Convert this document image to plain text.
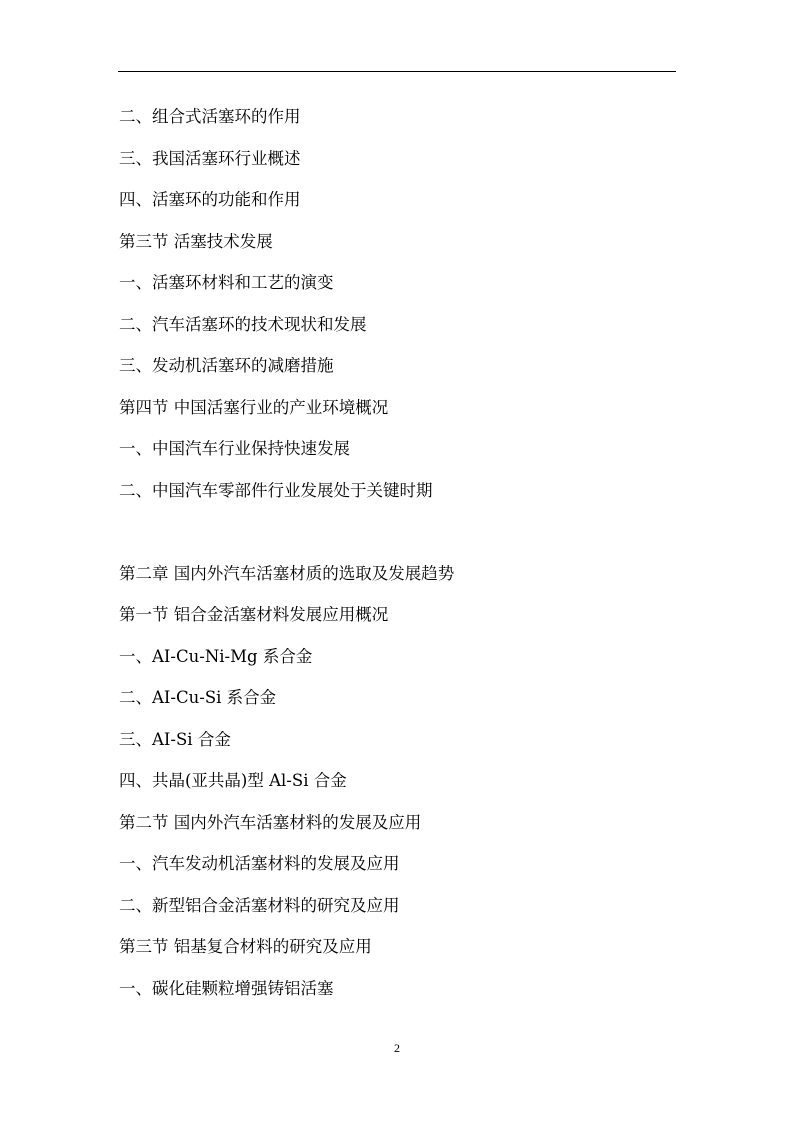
二、组合式活塞环的作用
三、我国活塞环行业概述
四、活塞环的功能和作用
第三节 活塞技术发展
一、活塞环材料和工艺的演变
二、汽车活塞环的技术现状和发展
三、发动机活塞环的减磨措施
第四节 中国活塞行业的产业环境概况
一、中国汽车行业保持快速发展
二、中国汽车零部件行业发展处于关键时期
第二章 国内外汽车活塞材质的选取及发展趋势
第一节 铝合金活塞材料发展应用概况
一、AI-Cu-Ni-Mg 系合金
二、AI-Cu-Si 系合金
三、AI-Si 合金
四、共晶(亚共晶)型 Al-Si 合金
第二节 国内外汽车活塞材料的发展及应用
一、汽车发动机活塞材料的发展及应用
二、新型铝合金活塞材料的研究及应用
第三节 铝基复合材料的研究及应用
一、碳化硅颗粒增强铸铝活塞
2
